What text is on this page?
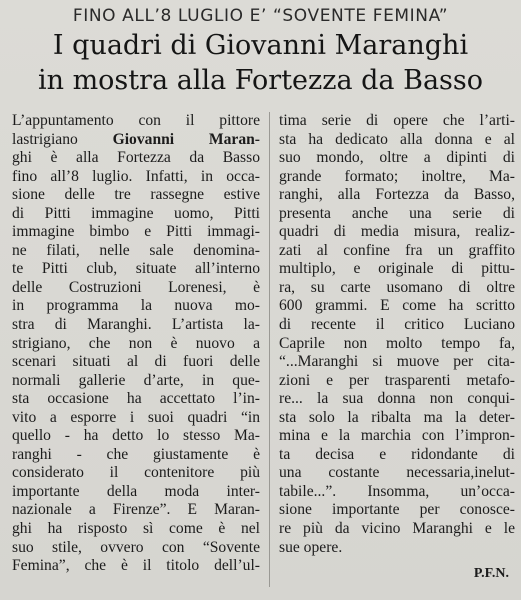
FINO ALL’8 LUGLIO E’ “SOVENTE FEMINA”
I quadri di Giovanni Maranghi
in mostra alla Fortezza da Basso
L’appuntamento con il pittore
lastrigiano Giovanni Maran-
ghi è alla Fortezza da Basso
fino all’8 luglio. Infatti, in occa-
sione delle tre rassegne estive
di Pitti immagine uomo, Pitti
immagine bimbo e Pitti immagi-
ne filati, nelle sale denomina-
te Pitti club, situate all’interno
delle Costruzioni Lorenesi, è
in programma la nuova mo-
stra di Maranghi. L’artista la-
strigiano, che non è nuovo a
scenari situati al di fuori delle
normali gallerie d’arte, in que-
sta occasione ha accettato l’in-
vito a esporre i suoi quadri “in
quello - ha detto lo stesso Ma-
ranghi - che giustamente è
considerato il contenitore più
importante della moda inter-
nazionale a Firenze”. E Maran-
ghi ha risposto sì come è nel
suo stile, ovvero con “Sovente
Femina”, che è il titolo dell’ul-
tima serie di opere che l’arti-
sta ha dedicato alla donna e al
suo mondo, oltre a dipinti di
grande formato; inoltre, Ma-
ranghi, alla Fortezza da Basso,
presenta anche una serie di
quadri di media misura, realiz-
zati al confine fra un graffito
multiplo, e originale di pittu-
ra, su carte usomano di oltre
600 grammi. E come ha scritto
di recente il critico Luciano
Caprile non molto tempo fa,
“...Maranghi si muove per cita-
zioni e per trasparenti metafo-
re... la sua donna non conqui-
sta solo la ribalta ma la deter-
mina e la marchia con l’impron-
ta decisa e ridondante di
una costante necessaria,inelut-
tabile...”. Insomma, un’occa-
sione importante per conosce-
re più da vicino Maranghi e le
sue opere.
P.F.N.
